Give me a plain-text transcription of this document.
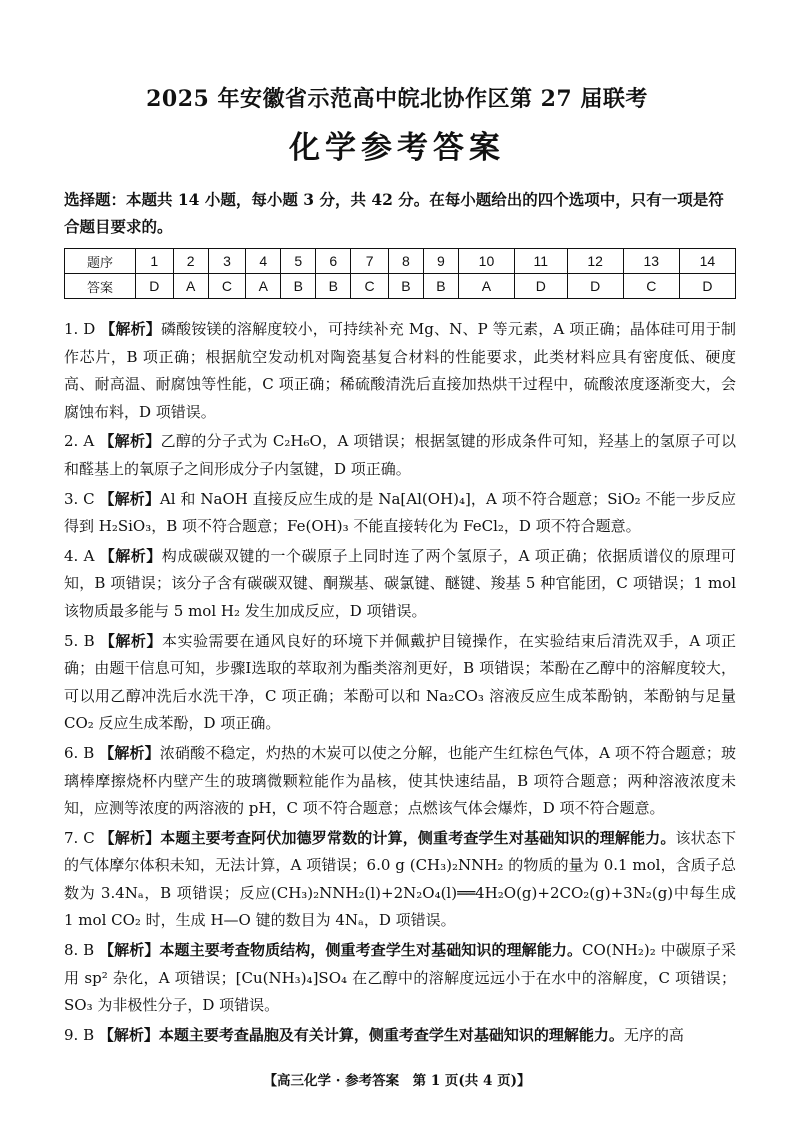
2025 年安徽省示范高中皖北协作区第 27 届联考
化学参考答案
选择题：本题共 14 小题，每小题 3 分，共 42 分。在每小题给出的四个选项中，只有一项是符合题目要求的。
题序	1	2	3	4	5	6	7	8	9	10	11	12	13	14
答案	D	A	C	A	B	B	C	B	B	A	D	D	C	D
1. D 【解析】磷酸铵镁的溶解度较小，可持续补充 Mg、N、P 等元素，A 项正确；晶体硅可用于制作芯片，B 项正确；根据航空发动机对陶瓷基复合材料的性能要求，此类材料应具有密度低、硬度高、耐高温、耐腐蚀等性能，C 项正确；稀硫酸清洗后直接加热烘干过程中，硫酸浓度逐渐变大，会腐蚀布料，D 项错误。
2. A 【解析】乙醇的分子式为 C₂H₆O，A 项错误；根据氢键的形成条件可知，羟基上的氢原子可以和醛基上的氧原子之间形成分子内氢键，D 项正确。
3. C 【解析】Al 和 NaOH 直接反应生成的是 Na[Al(OH)₄]，A 项不符合题意；SiO₂ 不能一步反应得到 H₂SiO₃，B 项不符合题意；Fe(OH)₃ 不能直接转化为 FeCl₂，D 项不符合题意。
4. A 【解析】构成碳碳双键的一个碳原子上同时连了两个氢原子，A 项正确；依据质谱仪的原理可知，B 项错误；该分子含有碳碳双键、酮羰基、碳氯键、醚键、羧基 5 种官能团，C 项错误；1 mol 该物质最多能与 5 mol H₂ 发生加成反应，D 项错误。
5. B 【解析】本实验需要在通风良好的环境下并佩戴护目镜操作，在实验结束后清洗双手，A 项正确；由题干信息可知，步骤Ⅰ选取的萃取剂为酯类溶剂更好，B 项错误；苯酚在乙醇中的溶解度较大，可以用乙醇冲洗后水洗干净，C 项正确；苯酚可以和 Na₂CO₃ 溶液反应生成苯酚钠，苯酚钠与足量 CO₂ 反应生成苯酚，D 项正确。
6. B 【解析】浓硝酸不稳定，灼热的木炭可以使之分解，也能产生红棕色气体，A 项不符合题意；玻璃棒摩擦烧杯内壁产生的玻璃微颗粒能作为晶核，使其快速结晶，B 项符合题意；两种溶液浓度未知，应测等浓度的两溶液的 pH，C 项不符合题意；点燃该气体会爆炸，D 项不符合题意。
7. C 【解析】本题主要考查阿伏加德罗常数的计算，侧重考查学生对基础知识的理解能力。该状态下的气体摩尔体积未知，无法计算，A 项错误；6.0 g (CH₃)₂NNH₂ 的物质的量为 0.1 mol，含质子总数为 3.4Nₐ，B 项错误；反应(CH₃)₂NNH₂(l)+2N₂O₄(l)══4H₂O(g)+2CO₂(g)+3N₂(g)中每生成 1 mol CO₂ 时，生成 H—O 键的数目为 4Nₐ，D 项错误。
8. B 【解析】本题主要考查物质结构，侧重考查学生对基础知识的理解能力。CO(NH₂)₂ 中碳原子采用 sp² 杂化，A 项错误；[Cu(NH₃)₄]SO₄ 在乙醇中的溶解度远远小于在水中的溶解度，C 项错误；SO₃ 为非极性分子，D 项错误。
9. B 【解析】本题主要考查晶胞及有关计算，侧重考查学生对基础知识的理解能力。无序的高
【高三化学 · 参考答案　第 1 页(共 4 页)】
